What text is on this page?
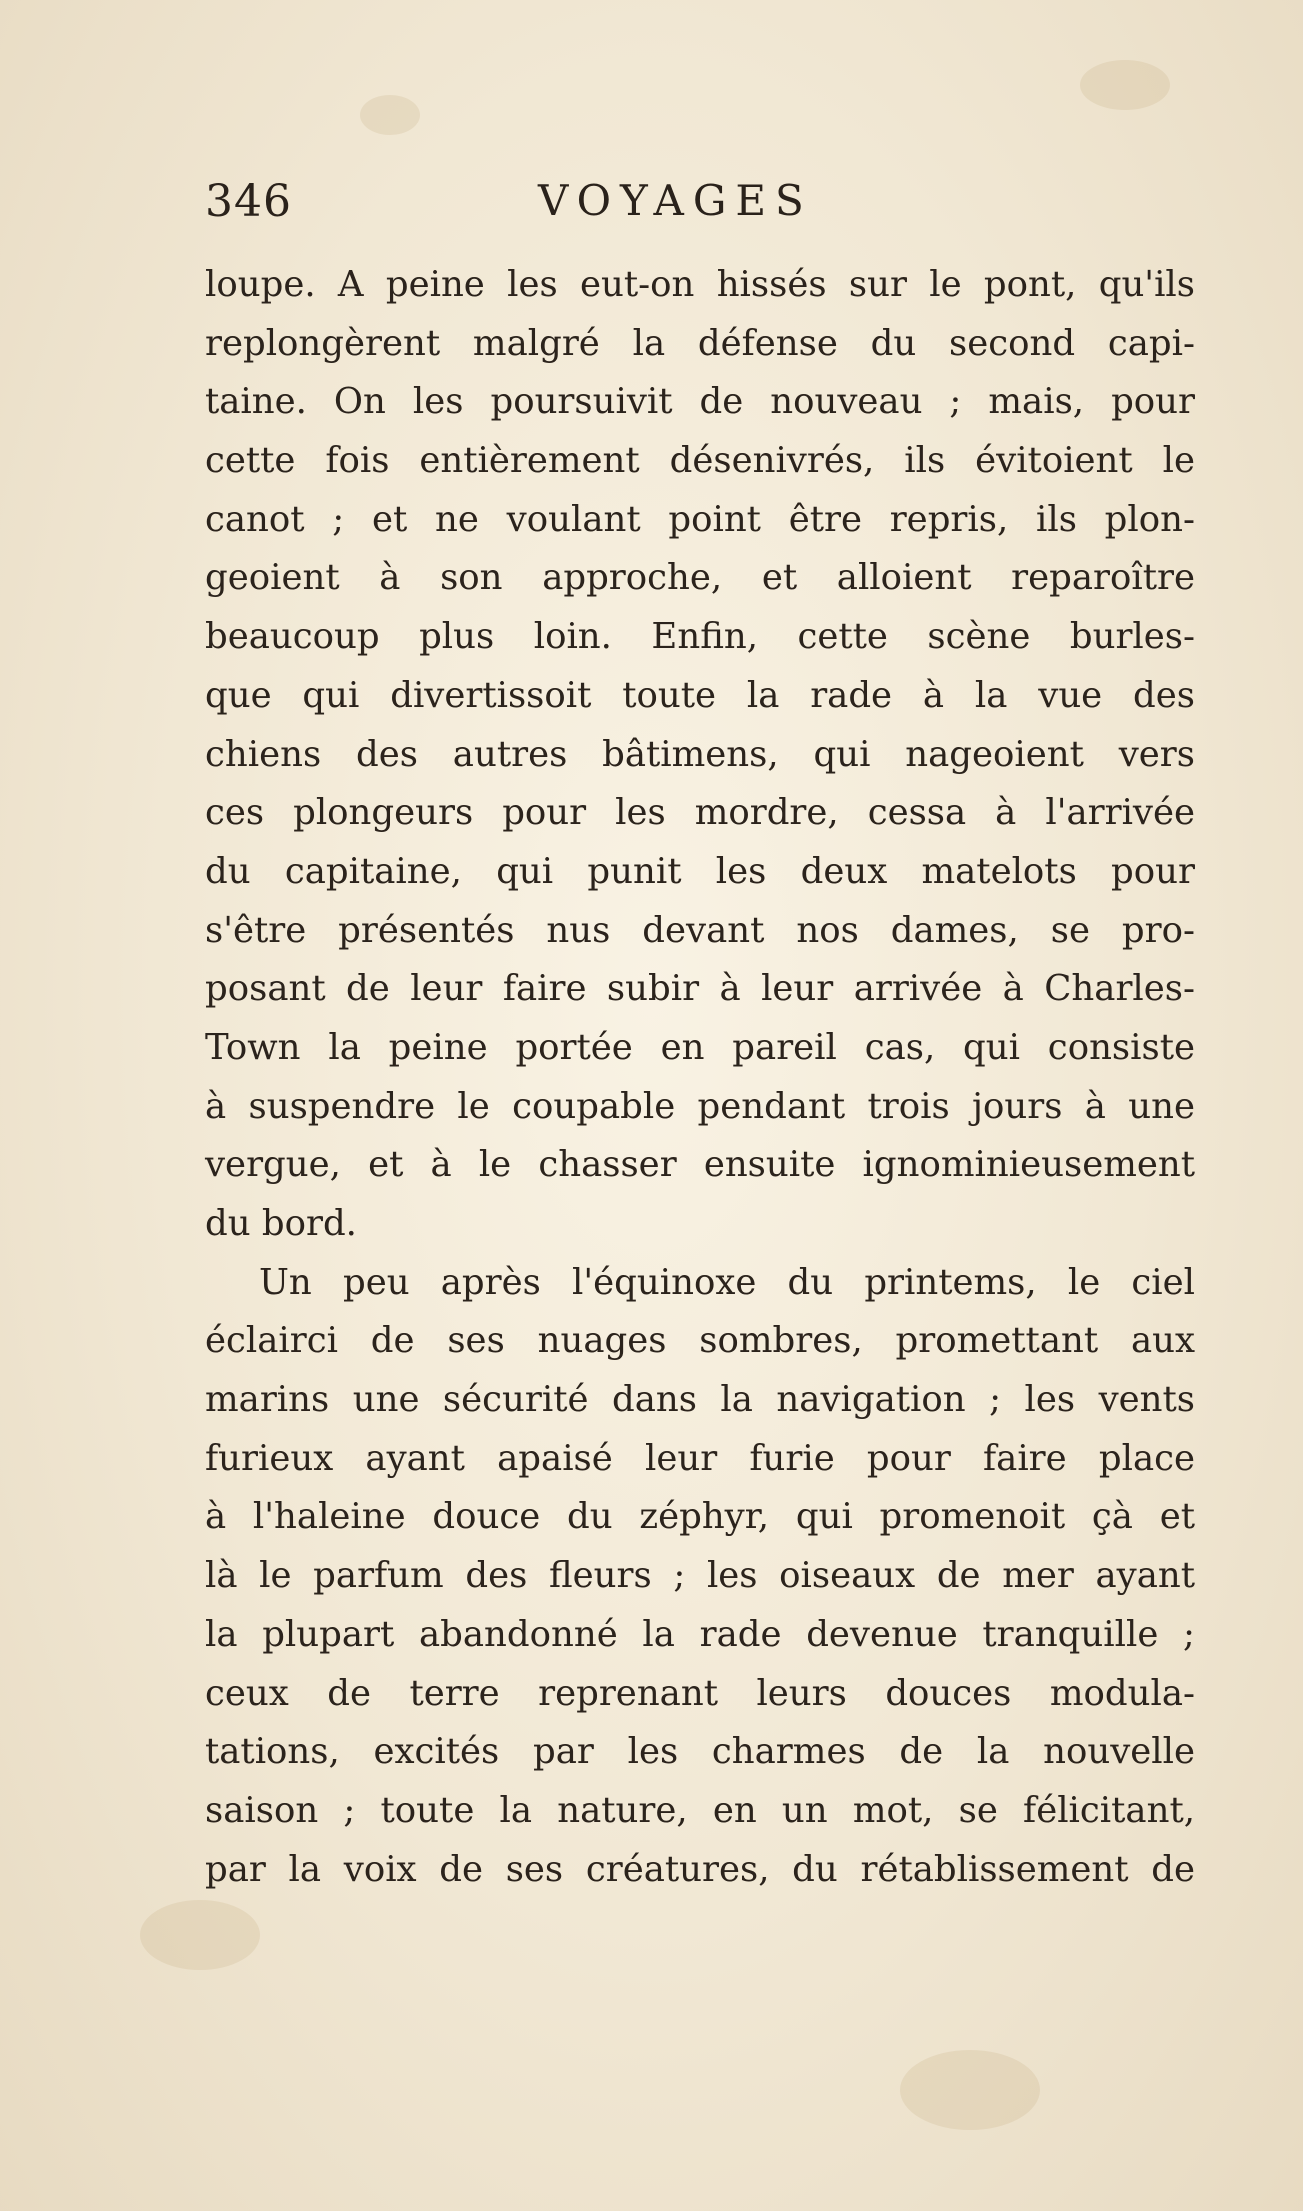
346	VOYAGES
loupe. A peine les eut-on hissés sur le pont, qu'ils
replongèrent malgré la défense du second capi-
taine. On les poursuivit de nouveau ; mais, pour
cette fois entièrement désenivrés, ils évitoient le
canot ; et ne voulant point être repris, ils plon-
geoient à son approche, et alloient reparoître
beaucoup plus loin. Enfin, cette scène burles-
que qui divertissoit toute la rade à la vue des
chiens des autres bâtimens, qui nageoient vers
ces plongeurs pour les mordre, cessa à l'arrivée
du capitaine, qui punit les deux matelots pour
s'être présentés nus devant nos dames, se pro-
posant de leur faire subir à leur arrivée à Charles-
Town la peine portée en pareil cas, qui consiste
à suspendre le coupable pendant trois jours à une
vergue, et à le chasser ensuite ignominieusement
du bord.
Un peu après l'équinoxe du printems, le ciel
éclairci de ses nuages sombres, promettant aux
marins une sécurité dans la navigation ; les vents
furieux ayant apaisé leur furie pour faire place
à l'haleine douce du zéphyr, qui promenoit çà et
là le parfum des fleurs ; les oiseaux de mer ayant
la plupart abandonné la rade devenue tranquille ;
ceux de terre reprenant leurs douces modula-
tations, excités par les charmes de la nouvelle
saison ; toute la nature, en un mot, se félicitant,
par la voix de ses créatures, du rétablissement de
